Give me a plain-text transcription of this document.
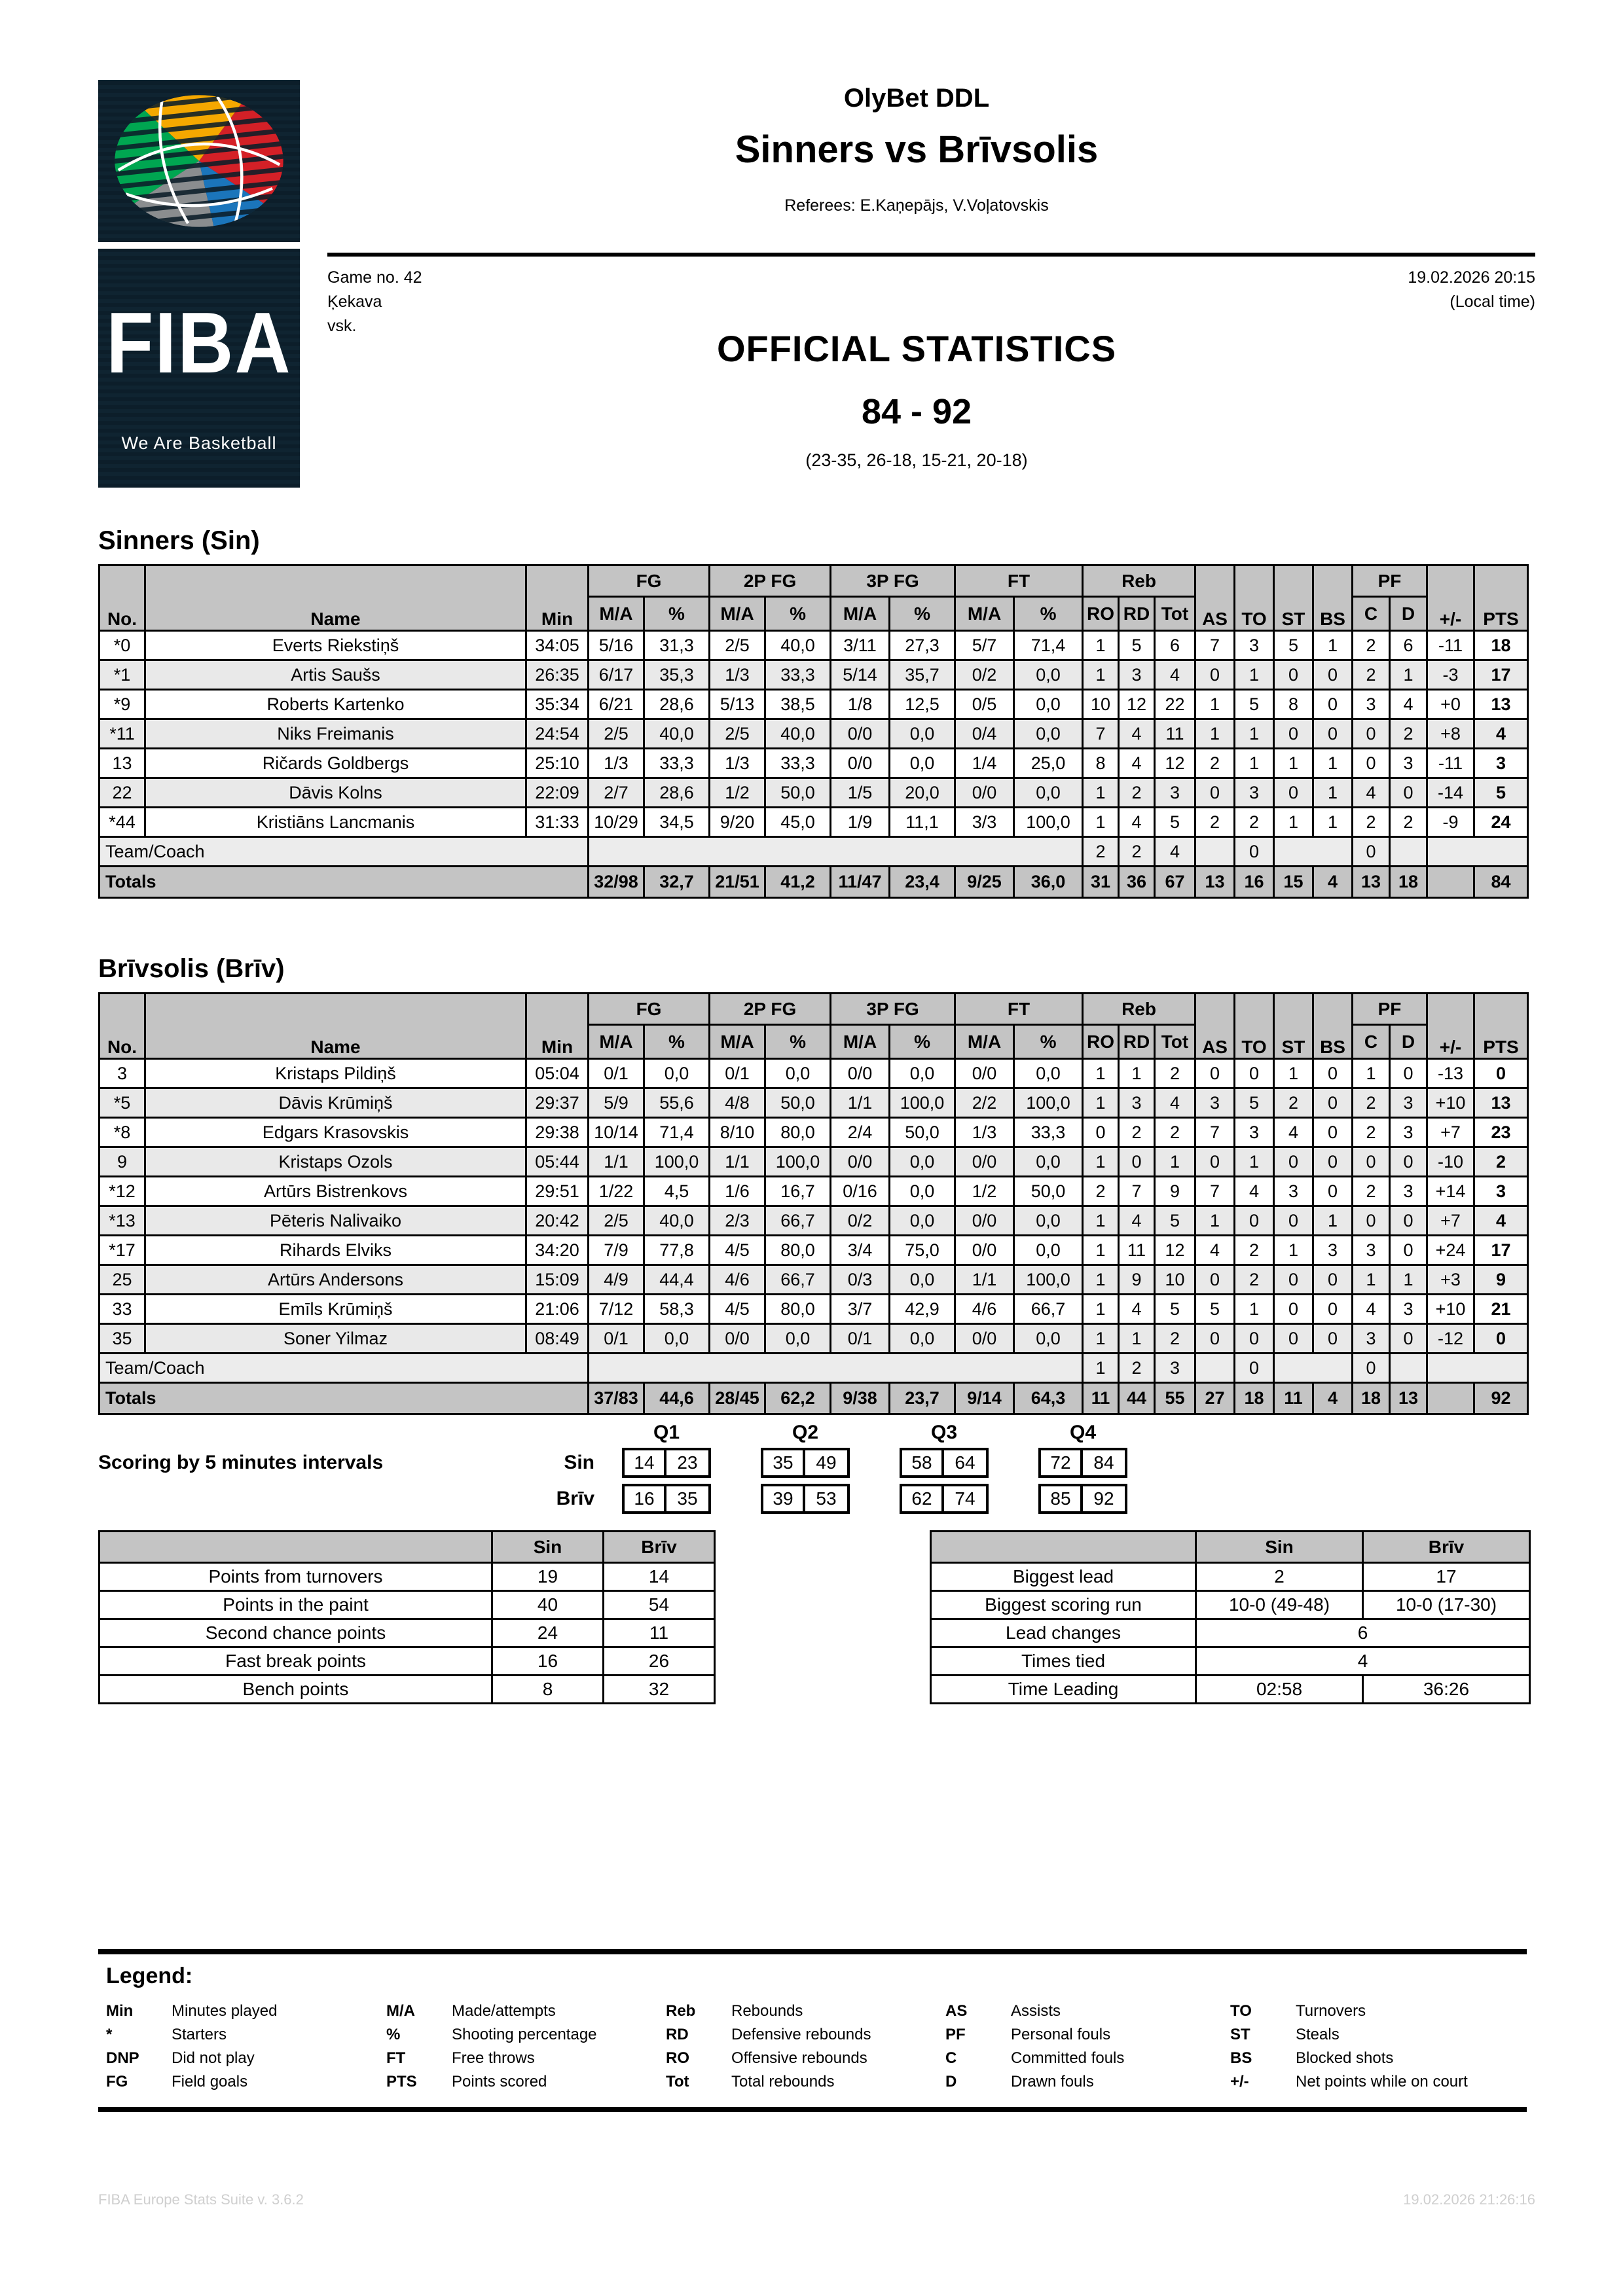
FIBA
We Are Basketball
OlyBet DDL
Sinners vs Brīvsolis
Referees: E.Kaņepājs, V.Voļatovskis
Game no. 42
Ķekava
vsk.
19.02.2026 20:15
(Local time)
OFFICIAL STATISTICS
84 - 92
(23-35, 26-18, 15-21, 20-18)
Sinners (Sin)
No.	Name	Min	FG		2P FG		3P FG		FT		Reb			AS	TO	ST	BS	PF		+/-	PTS
			M/A	%	M/A	%	M/A	%	M/A	%	RO	RD	Tot					C	D		
*0	Everts Riekstiņš	34:05	5/16	31,3	2/5	40,0	3/11	27,3	5/7	71,4	1	5	6	7	3	5	1	2	6	-11	18
*1	Artis Saušs	26:35	6/17	35,3	1/3	33,3	5/14	35,7	0/2	0,0	1	3	4	0	1	0	0	2	1	-3	17
*9	Roberts Kartenko	35:34	6/21	28,6	5/13	38,5	1/8	12,5	0/5	0,0	10	12	22	1	5	8	0	3	4	+0	13
*11	Niks Freimanis	24:54	2/5	40,0	2/5	40,0	0/0	0,0	0/4	0,0	7	4	11	1	1	0	0	0	2	+8	4
13	Ričards Goldbergs	25:10	1/3	33,3	1/3	33,3	0/0	0,0	1/4	25,0	8	4	12	2	1	1	1	0	3	-11	3
22	Dāvis Kolns	22:09	2/7	28,6	1/2	50,0	1/5	20,0	0/0	0,0	1	2	3	0	3	0	1	4	0	-14	5
*44	Kristiāns Lancmanis	31:33	10/29	34,5	9/20	45,0	1/9	11,1	3/3	100,0	1	4	5	2	2	1	1	2	2	-9	24
Team/Coach											2	2	4		0			0			
Totals			32/98	32,7	21/51	41,2	11/47	23,4	9/25	36,0	31	36	67	13	16	15	4	13	18		84
Brīvsolis (Brīv)
No.	Name	Min	FG		2P FG		3P FG		FT		Reb			AS	TO	ST	BS	PF		+/-	PTS
			M/A	%	M/A	%	M/A	%	M/A	%	RO	RD	Tot					C	D		
3	Kristaps Pildiņš	05:04	0/1	0,0	0/1	0,0	0/0	0,0	0/0	0,0	1	1	2	0	0	1	0	1	0	-13	0
*5	Dāvis Krūmiņš	29:37	5/9	55,6	4/8	50,0	1/1	100,0	2/2	100,0	1	3	4	3	5	2	0	2	3	+10	13
*8	Edgars Krasovskis	29:38	10/14	71,4	8/10	80,0	2/4	50,0	1/3	33,3	0	2	2	7	3	4	0	2	3	+7	23
9	Kristaps Ozols	05:44	1/1	100,0	1/1	100,0	0/0	0,0	0/0	0,0	1	0	1	0	1	0	0	0	0	-10	2
*12	Artūrs Bistrenkovs	29:51	1/22	4,5	1/6	16,7	0/16	0,0	1/2	50,0	2	7	9	7	4	3	0	2	3	+14	3
*13	Pēteris Nalivaiko	20:42	2/5	40,0	2/3	66,7	0/2	0,0	0/0	0,0	1	4	5	1	0	0	1	0	0	+7	4
*17	Rihards Elviks	34:20	7/9	77,8	4/5	80,0	3/4	75,0	0/0	0,0	1	11	12	4	2	1	3	3	0	+24	17
25	Artūrs Andersons	15:09	4/9	44,4	4/6	66,7	0/3	0,0	1/1	100,0	1	9	10	0	2	0	0	1	1	+3	9
33	Emīls Krūmiņš	21:06	7/12	58,3	4/5	80,0	3/7	42,9	4/6	66,7	1	4	5	5	1	0	0	4	3	+10	21
35	Soner Yilmaz	08:49	0/1	0,0	0/0	0,0	0/1	0,0	0/0	0,0	1	1	2	0	0	0	0	3	0	-12	0
Team/Coach											1	2	3		0			0			
Totals			37/83	44,6	28/45	62,2	9/38	23,7	9/14	64,3	11	44	55	27	18	11	4	18	13		92
Q1	Q2	Q3	Q4
Scoring by 5 minutes intervals	Sin	14	23	35	49	58	64	72	84
Brīv	16	35	39	53	62	74	85	92
	Sin	Brīv
Points from turnovers	19	14
Points in the paint	40	54
Second chance points	24	11
Fast break points	16	26
Bench points	8	32
	Sin	Brīv
Biggest lead	2	17
Biggest scoring run	10-0 (49-48)	10-0 (17-30)
Lead changes	6	
Times tied	4	
Time Leading	02:58	36:26
Legend:
Min	Minutes played
*	Starters
DNP	Did not play
FG	Field goals
M/A	Made/attempts
%	Shooting percentage
FT	Free throws
PTS	Points scored
Reb	Rebounds
RD	Defensive rebounds
RO	Offensive rebounds
Tot	Total rebounds
AS	Assists
PF	Personal fouls
C	Committed fouls
D	Drawn fouls
TO	Turnovers
ST	Steals
BS	Blocked shots
+/-	Net points while on court
FIBA Europe Stats Suite v. 3.6.2	19.02.2026 21:26:16
